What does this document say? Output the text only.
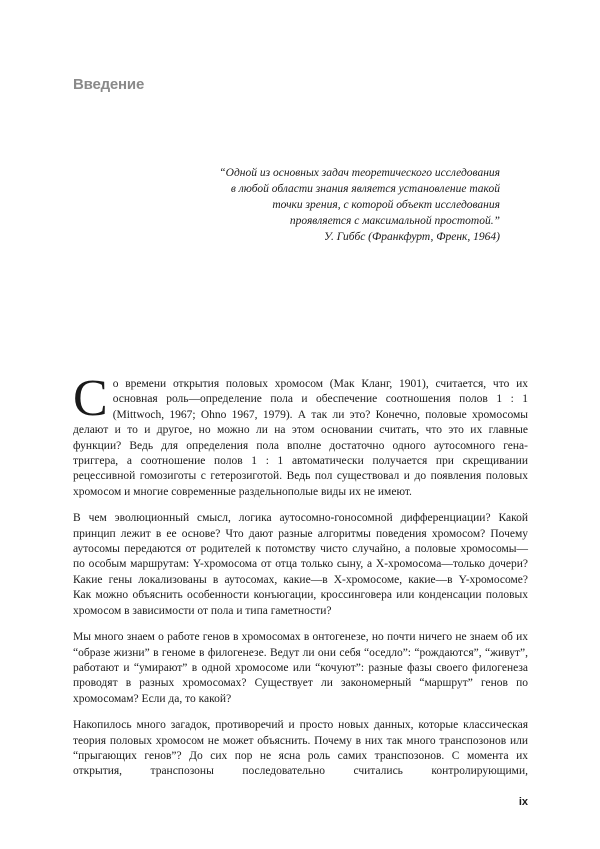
Введение
“Одной из основных задач теоретического исследования
в любой области знания является установление такой
точки зрения, с которой объект исследования
проявляется с максимальной простотой.”
У. Гиббс (Франкфурт, Френк, 1964)
С о времени открытия половых хромосом (Мак Кланг, 1901), считается, что их
основная роль—определение пола и обеспечение соотношения полов 1 : 1
(Mittwoch, 1967; Ohno 1967, 1979). А так ли это? Конечно, половые хромосомы
делают и то и другое, но можно ли на этом основании считать, что это их главные
функции? Ведь для определения пола вполне достаточно одного аутосомного гена-
триггера, а соотношение полов 1 : 1 автоматически получается при скрещивании
рецессивной гомозиготы с гетерозиготой. Ведь пол существовал и до появления половых
хромосом и многие современные раздельнополые виды их не имеют.
В чем эволюционный смысл, логика аутосомно-гоносомной дифференциации? Какой
принцип лежит в ее основе? Что дают разные алгоритмы поведения хромосом? Почему
аутосомы передаются от родителей к потомству чисто случайно, а половые хромосомы—
по особым маршрутам: Y-хромосома от отца только сыну, а Х-хромосома—только дочери?
Какие гены локализованы в аутосомах, какие—в Х-хромосоме, какие—в Y-хромосоме?
Как можно объяснить особенности конъюгации, кроссинговера или конденсации половых
хромосом в зависимости от пола и типа гаметности?
Мы много знаем о работе генов в хромосомах в онтогенезе, но почти ничего не знаем об их
“образе жизни” в геноме в филогенезе. Ведут ли они себя “оседло”: “рождаются”, “живут”,
работают и “умирают” в одной хромосоме или “кочуют”: разные фазы своего филогенеза
проводят в разных хромосомах? Существует ли закономерный “маршрут” генов по
хромосомам? Если да, то какой?
Накопилось много загадок, противоречий и просто новых данных, которые классическая
теория половых хромосом не может объяснить. Почему в них так много транспозонов или
“прыгающих генов”? До сих пор не ясна роль самих транспозонов. С момента их
открытия, транспозоны последовательно считались контролирующими,
ix
